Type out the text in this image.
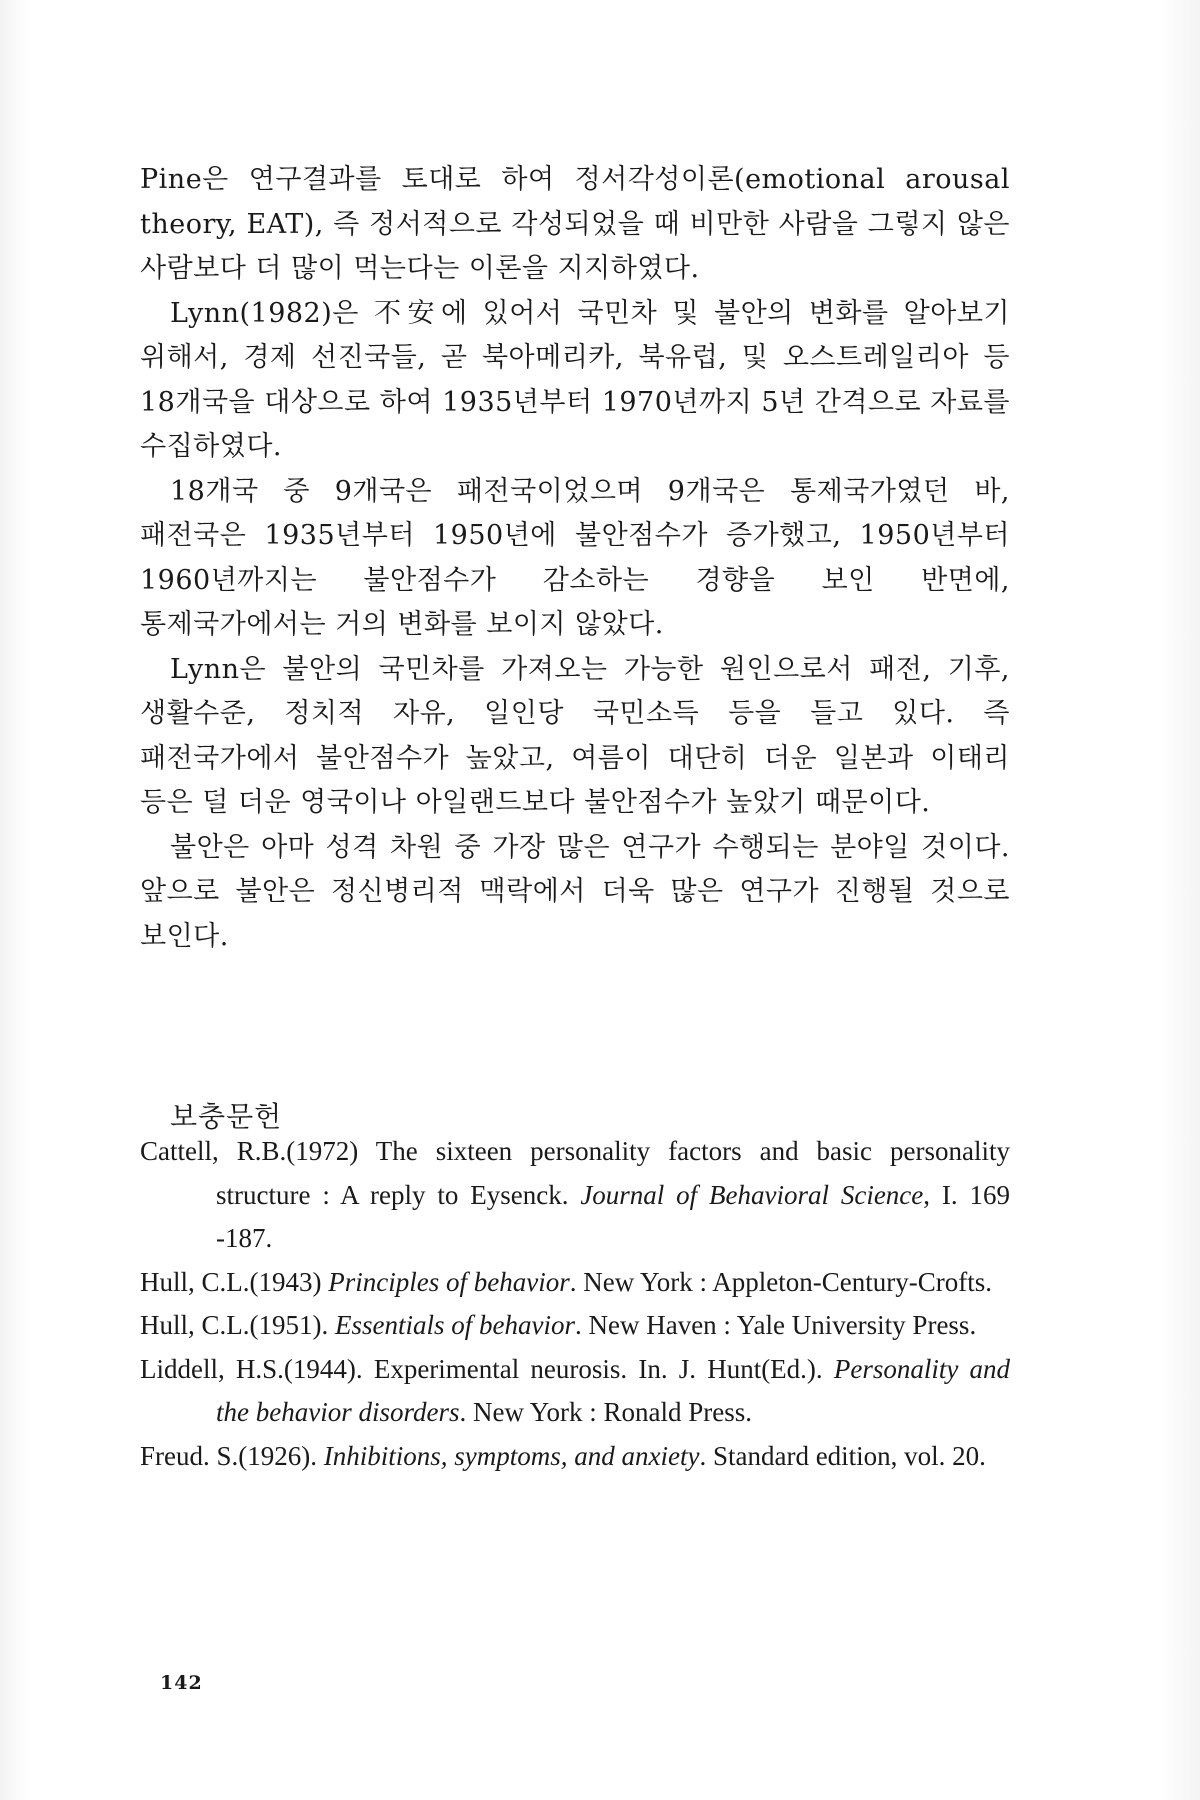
Pine은 연구결과를 토대로 하여 정서각성이론(emotional arousal theory, EAT), 즉 정서적으로 각성되었을 때 비만한 사람을 그렇지 않은 사람보다 더 많이 먹는다는 이론을 지지하였다.

Lynn(1982)은 不安에 있어서 국민차 및 불안의 변화를 알아보기 위해서, 경제 선진국들, 곧 북아메리카, 북유럽, 및 오스트레일리아 등 18개국을 대상으로 하여 1935년부터 1970년까지 5년 간격으로 자료를 수집하였다.

18개국 중 9개국은 패전국이었으며 9개국은 통제국가였던 바, 패전국은 1935년부터 1950년에 불안점수가 증가했고, 1950년부터 1960년까지는 불안점수가 감소하는 경향을 보인 반면에, 통제국가에서는 거의 변화를 보이지 않았다.

Lynn은 불안의 국민차를 가져오는 가능한 원인으로서 패전, 기후, 생활수준, 정치적 자유, 일인당 국민소득 등을 들고 있다. 즉 패전국가에서 불안점수가 높았고, 여름이 대단히 더운 일본과 이태리 등은 덜 더운 영국이나 아일랜드보다 불안점수가 높았기 때문이다.

불안은 아마 성격 차원 중 가장 많은 연구가 수행되는 분야일 것이다. 앞으로 불안은 정신병리적 맥락에서 더욱 많은 연구가 진행될 것으로 보인다.

보충문헌

Cattell, R.B.(1972) The sixteen personality factors and basic personality structure : A reply to Eysenck. Journal of Behavioral Science, I. 169 -187.

Hull, C.L.(1943) Principles of behavior. New York : Appleton-Century-Crofts.

Hull, C.L.(1951). Essentials of behavior. New Haven : Yale University Press.

Liddell, H.S.(1944). Experimental neurosis. In. J. Hunt(Ed.). Personality and the behavior disorders. New York : Ronald Press.

Freud. S.(1926). Inhibitions, symptoms, and anxiety. Standard edition, vol. 20.

142
